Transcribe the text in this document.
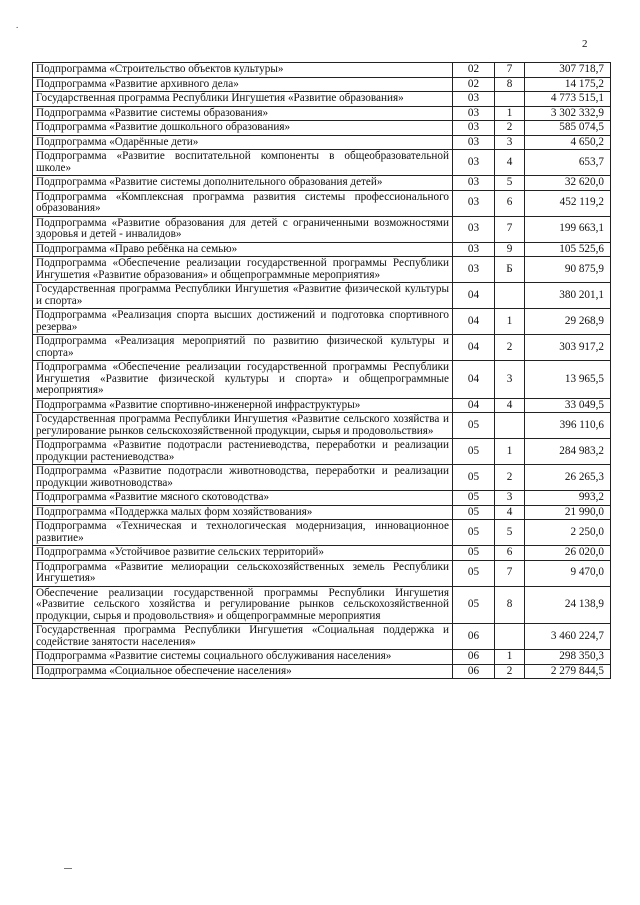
.
2
Подпрограмма «Строительство объектов культуры»	02	7	307 718,7
Подпрограмма «Развитие архивного дела»	02	8	14 175,2
Государственная программа Республики Ингушетия «Развитие образования»	03		4 773 515,1
Подпрограмма «Развитие системы образования»	03	1	3 302 332,9
Подпрограмма «Развитие дошкольного образования»	03	2	585 074,5
Подпрограмма «Одарённые дети»	03	3	4 650,2
Подпрограмма «Развитие воспитательной компоненты в общеобразовательной школе»	03	4	653,7
Подпрограмма «Развитие системы дополнительного образования детей»	03	5	32 620,0
Подпрограмма «Комплексная программа развития системы профессионального образования»	03	6	452 119,2
Подпрограмма «Развитие образования для детей с ограниченными возможностями здоровья и детей - инвалидов»	03	7	199 663,1
Подпрограмма «Право ребёнка на семью»	03	9	105 525,6
Подпрограмма «Обеспечение реализации государственной программы Республики Ингушетия «Развитие образования» и общепрограммные мероприятия»	03	Б	90 875,9
Государственная программа Республики Ингушетия «Развитие физической культуры и спорта»	04		380 201,1
Подпрограмма «Реализация спорта высших достижений и подготовка спортивного резерва»	04	1	29 268,9
Подпрограмма «Реализация мероприятий по развитию физической культуры и спорта»	04	2	303 917,2
Подпрограмма «Обеспечение реализации государственной программы Республики Ингушетия «Развитие физической культуры и спорта» и общепрограммные мероприятия»	04	3	13 965,5
Подпрограмма «Развитие спортивно-инженерной инфраструктуры»	04	4	33 049,5
Государственная программа Республики Ингушетия «Развитие сельского хозяйства и регулирование рынков сельскохозяйственной продукции, сырья и продовольствия»	05		396 110,6
Подпрограмма «Развитие подотрасли растениеводства, переработки и реализации продукции растениеводства»	05	1	284 983,2
Подпрограмма «Развитие подотрасли животноводства, переработки и реализации продукции животноводства»	05	2	26 265,3
Подпрограмма «Развитие мясного скотоводства»	05	3	993,2
Подпрограмма «Поддержка малых форм хозяйствования»	05	4	21 990,0
Подпрограмма «Техническая и технологическая модернизация, инновационное развитие»	05	5	2 250,0
Подпрограмма «Устойчивое развитие сельских территорий»	05	6	26 020,0
Подпрограмма «Развитие мелиорации сельскохозяйственных земель Республики Ингушетия»	05	7	9 470,0
Обеспечение реализации государственной программы Республики Ингушетия «Развитие сельского хозяйства и регулирование рынков сельскохозяйственной продукции, сырья и продовольствия» и общепрограммные мероприятия	05	8	24 138,9
Государственная программа Республики Ингушетия «Социальная поддержка и содействие занятости населения»	06		3 460 224,7
Подпрограмма «Развитие системы социального обслуживания населения»	06	1	298 350,3
Подпрограмма «Социальное обеспечение населения»	06	2	2 279 844,5
